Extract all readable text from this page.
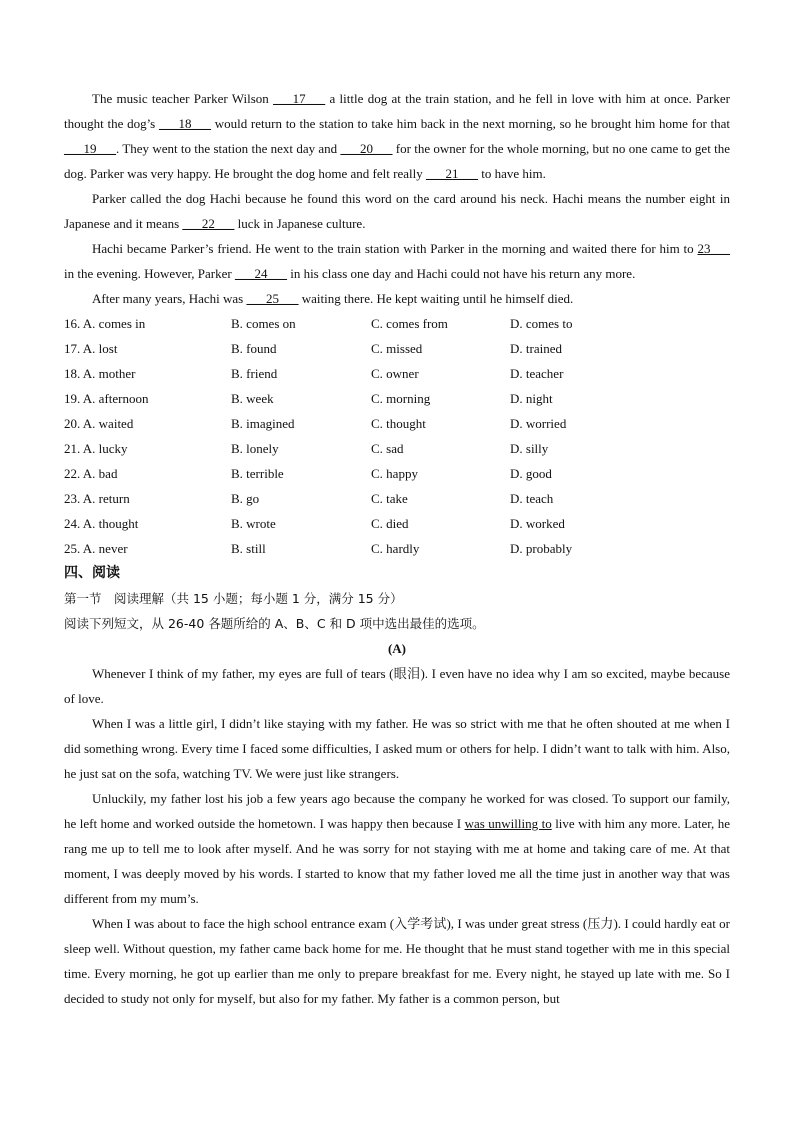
The music teacher Parker Wilson ___17___ a little dog at the train station, and he fell in love with him at once. Parker thought the dog’s ___18___ would return to the station to take him back in the next morning, so he brought him home for that ___19___. They went to the station the next day and ___20___ for the owner for the whole morning, but no one came to get the dog. Parker was very happy. He brought the dog home and felt really ___21___ to have him.

Parker called the dog Hachi because he found this word on the card around his neck. Hachi means the number eight in Japanese and it means ___22___ luck in Japanese culture.

Hachi became Parker’s friend. He went to the train station with Parker in the morning and waited there for him to 23___ in the evening. However, Parker ___24___ in his class one day and Hachi could not have his return any more.

After many years, Hachi was ___25___ waiting there. He kept waiting until he himself died.

16. A. comes in	B. comes on	C. comes from	D. comes to
17. A. lost	B. found	C. missed	D. trained
18. A. mother	B. friend	C. owner	D. teacher
19. A. afternoon	B. week	C. morning	D. night
20. A. waited	B. imagined	C. thought	D. worried
21. A. lucky	B. lonely	C. sad	D. silly
22. A. bad	B. terrible	C. happy	D. good
23. A. return	B. go	C. take	D. teach
24. A. thought	B. wrote	C. died	D. worked
25. A. never	B. still	C. hardly	D. probably
四、阅读
第一节　阅读理解（共 15 小题；每小题 1 分，满分 15 分）
阅读下列短文，从 26-40 各题所给的 A、B、C 和 D 项中选出最佳的选项。
(A)

Whenever I think of my father, my eyes are full of tears (眼泪). I even have no idea why I am so excited, maybe because of love.

When I was a little girl, I didn’t like staying with my father. He was so strict with me that he often shouted at me when I did something wrong. Every time I faced some difficulties, I asked mum or others for help. I didn’t want to talk with him. Also, he just sat on the sofa, watching TV. We were just like strangers.

Unluckily, my father lost his job a few years ago because the company he worked for was closed. To support our family, he left home and worked outside the hometown. I was happy then because I was unwilling to live with him any more. Later, he rang me up to tell me to look after myself. And he was sorry for not staying with me at home and taking care of me. At that moment, I was deeply moved by his words. I started to know that my father loved me all the time just in another way that was different from my mum’s.

When I was about to face the high school entrance exam (入学考试), I was under great stress (压力). I could hardly eat or sleep well. Without question, my father came back home for me. He thought that he must stand together with me in this special time. Every morning, he got up earlier than me only to prepare breakfast for me. Every night, he stayed up late with me. So I decided to study not only for myself, but also for my father. My father is a common person, but
